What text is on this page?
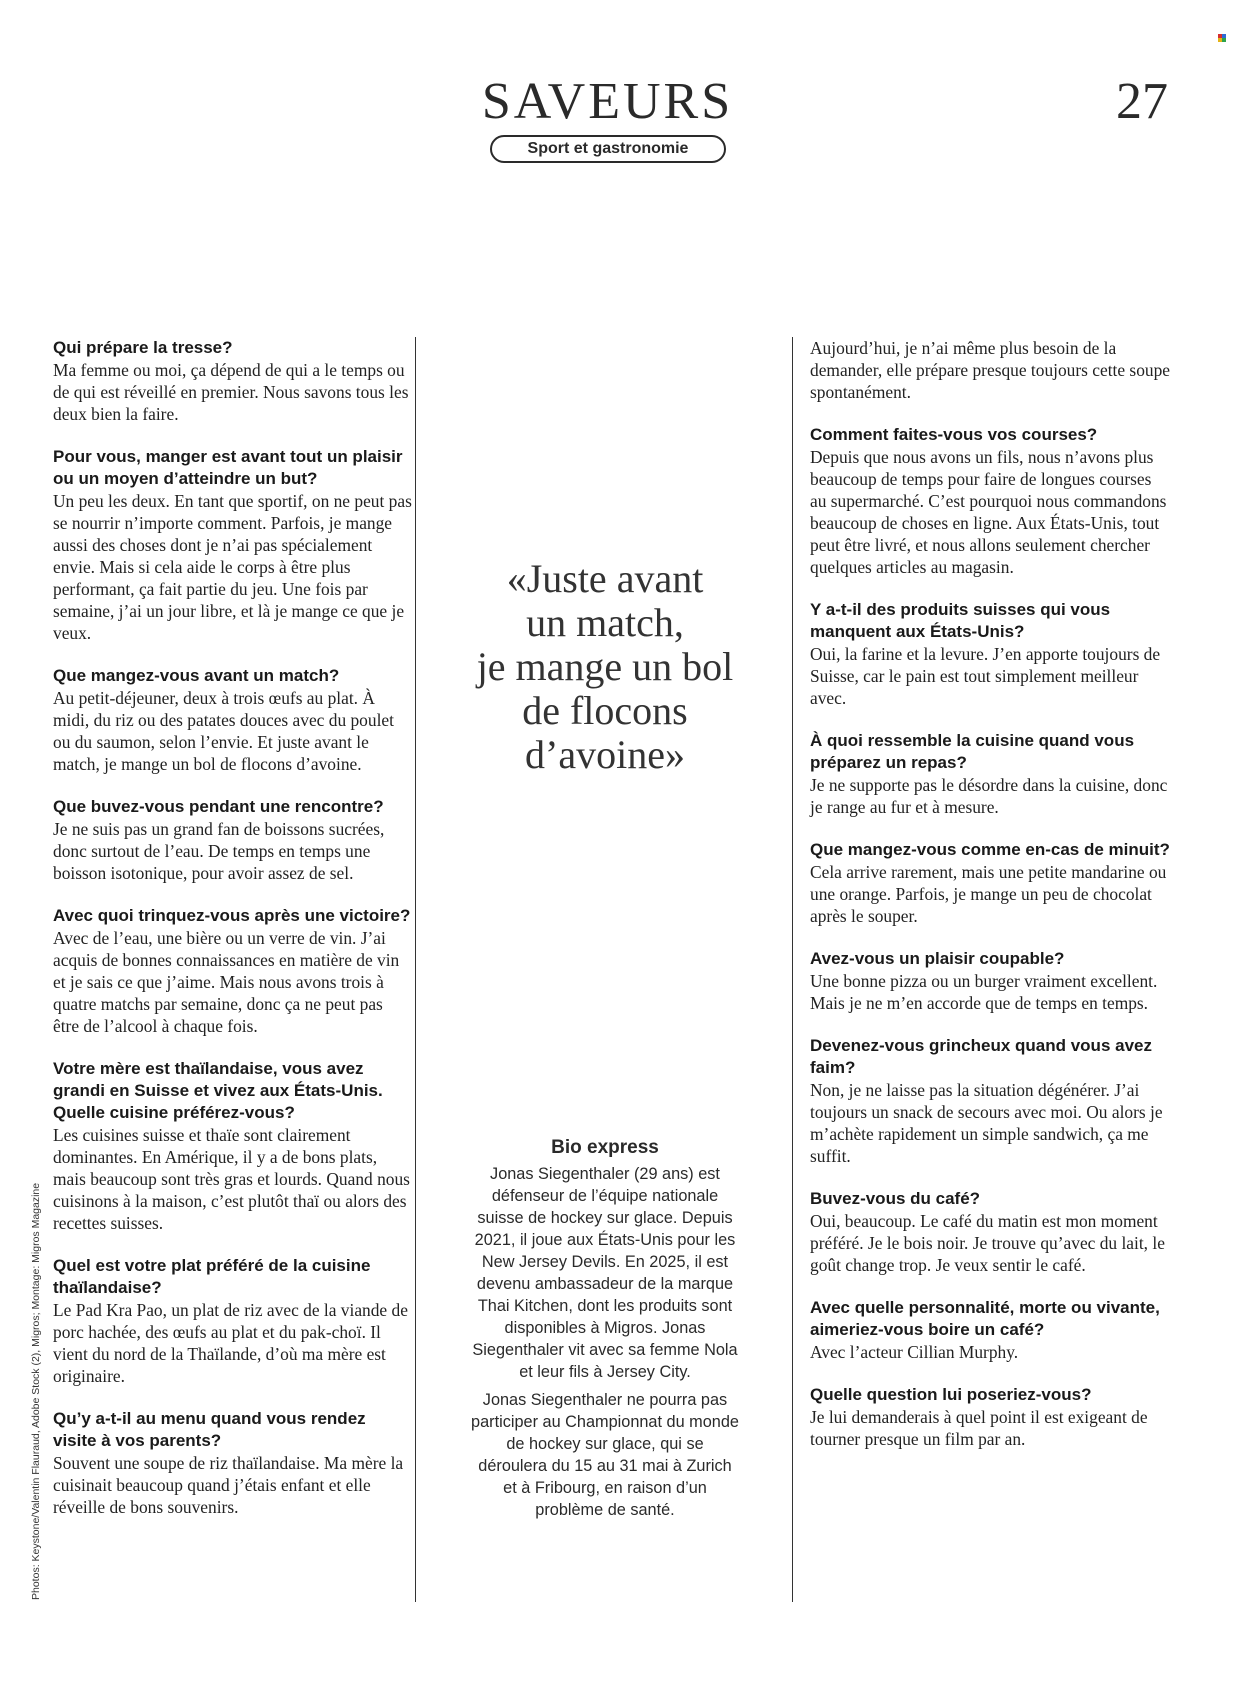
SAVEURS	27
Sport et gastronomie
Qui prépare la tresse?
Ma femme ou moi, ça dépend de qui a le temps ou de qui est réveillé en premier. Nous savons tous les deux bien la faire.
Pour vous, manger est avant tout un plaisir ou un moyen d’atteindre un but?
Un peu les deux. En tant que sportif, on ne peut pas se nourrir n’importe comment. Parfois, je mange aussi des choses dont je n’ai pas spécialement envie. Mais si cela aide le corps à être plus performant, ça fait partie du jeu. Une fois par semaine, j’ai un jour libre, et là je mange ce que je veux.
Que mangez-vous avant un match?
Au petit-déjeuner, deux à trois œufs au plat. À midi, du riz ou des patates douces avec du poulet ou du saumon, selon l’envie. Et juste avant le match, je mange un bol de flocons d’avoine.
Que buvez-vous pendant une rencontre?
Je ne suis pas un grand fan de boissons sucrées, donc surtout de l’eau. De temps en temps une boisson isotonique, pour avoir assez de sel.
Avec quoi trinquez-vous après une victoire?
Avec de l’eau, une bière ou un verre de vin. J’ai acquis de bonnes connaissances en matière de vin et je sais ce que j’aime. Mais nous avons trois à quatre matchs par semaine, donc ça ne peut pas être de l’alcool à chaque fois.
Votre mère est thaïlandaise, vous avez grandi en Suisse et vivez aux États-Unis. Quelle cuisine préférez-vous?
Les cuisines suisse et thaïe sont clairement dominantes. En Amérique, il y a de bons plats, mais beaucoup sont très gras et lourds. Quand nous cuisinons à la maison, c’est plutôt thaï ou alors des recettes suisses.
Quel est votre plat préféré de la cuisine thaïlandaise?
Le Pad Kra Pao, un plat de riz avec de la viande de porc hachée, des œufs au plat et du pak-choï. Il vient du nord de la Thaïlande, d’où ma mère est originaire.
Qu’y a-t-il au menu quand vous rendez visite à vos parents?
Souvent une soupe de riz thaïlandaise. Ma mère la cuisinait beaucoup quand j’étais enfant et elle réveille de bons souvenirs.
«Juste avant
un match,
je mange un bol
de flocons
d’avoine»
Bio express

Jonas Siegenthaler (29 ans) est défenseur de l’équipe nationale suisse de hockey sur glace. Depuis 2021, il joue aux États-Unis pour les New Jersey Devils. En 2025, il est devenu ambassadeur de la marque Thai Kitchen, dont les produits sont disponibles à Migros. Jonas Siegenthaler vit avec sa femme Nola et leur fils à Jersey City.

Jonas Siegenthaler ne pourra pas participer au Championnat du monde de hockey sur glace, qui se déroulera du 15 au 31 mai à Zurich et à Fribourg, en raison d’un problème de santé.

Aujourd’hui, je n’ai même plus besoin de la demander, elle prépare presque toujours cette soupe spontanément.
Comment faites-vous vos courses?
Depuis que nous avons un fils, nous n’avons plus beaucoup de temps pour faire de longues courses au supermarché. C’est pourquoi nous commandons beaucoup de choses en ligne. Aux États-Unis, tout peut être livré, et nous allons seulement chercher quelques articles au magasin.
Y a-t-il des produits suisses qui vous manquent aux États-Unis?
Oui, la farine et la levure. J’en apporte toujours de Suisse, car le pain est tout simplement meilleur avec.
À quoi ressemble la cuisine quand vous préparez un repas?
Je ne supporte pas le désordre dans la cuisine, donc je range au fur et à mesure.
Que mangez-vous comme en-cas de minuit?
Cela arrive rarement, mais une petite mandarine ou une orange. Parfois, je mange un peu de chocolat après le souper.
Avez-vous un plaisir coupable?
Une bonne pizza ou un burger vraiment excellent. Mais je ne m’en accorde que de temps en temps.
Devenez-vous grincheux quand vous avez faim?
Non, je ne laisse pas la situation dégénérer. J’ai toujours un snack de secours avec moi. Ou alors je m’achète rapidement un simple sandwich, ça me suffit.
Buvez-vous du café?
Oui, beaucoup. Le café du matin est mon moment préféré. Je le bois noir. Je trouve qu’avec du lait, le goût change trop. Je veux sentir le café.
Avec quelle personnalité, morte ou vivante, aimeriez-vous boire un café?
Avec l’acteur Cillian Murphy.
Quelle question lui poseriez-vous?
Je lui demanderais à quel point il est exigeant de tourner presque un film par an.
Photos: Keystone/Valentin Flauraud, Adobe Stock (2), Migros; Montage: Migros Magazine
